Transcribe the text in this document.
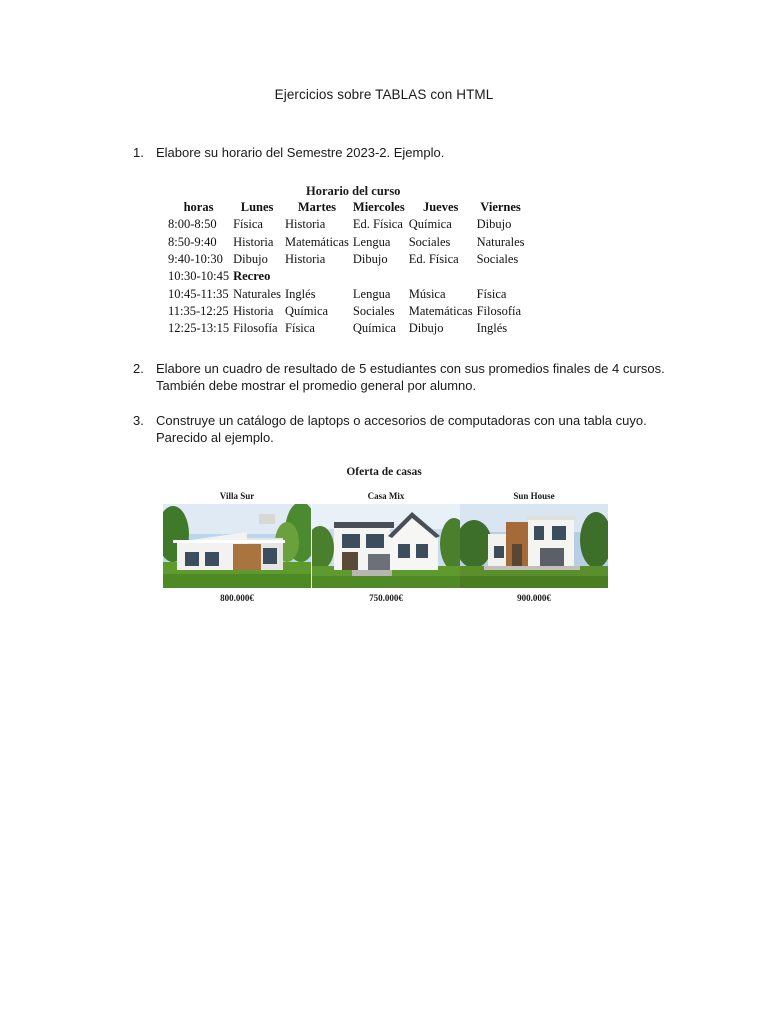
Ejercicios sobre TABLAS con HTML
1. Elabore su horario del Semestre 2023-2. Ejemplo.
Horario del curso
horas	Lunes	Martes	Miercoles	Jueves	Viernes
8:00-8:50	Física	Historia	Ed. Física	Química	Dibujo
8:50-9:40	Historia	Matemáticas	Lengua	Sociales	Naturales
9:40-10:30	Dibujo	Historia	Dibujo	Ed. Física	Sociales
10:30-10:45	Recreo				
10:45-11:35	Naturales	Inglés	Lengua	Música	Física
11:35-12:25	Historia	Química	Sociales	Matemáticas	Filosofía
12:25-13:15	Filosofía	Física	Química	Dibujo	Inglés
2. Elabore un cuadro de resultado de 5 estudiantes con sus promedios finales de 4 cursos. También debe mostrar el promedio general por alumno.
3. Construye un catálogo de laptops o accesorios de computadoras con una tabla cuyo. Parecido al ejemplo.
Oferta de casas
Villa Sur
800.000€
Casa Mix
750.000€
Sun House
900.000€
